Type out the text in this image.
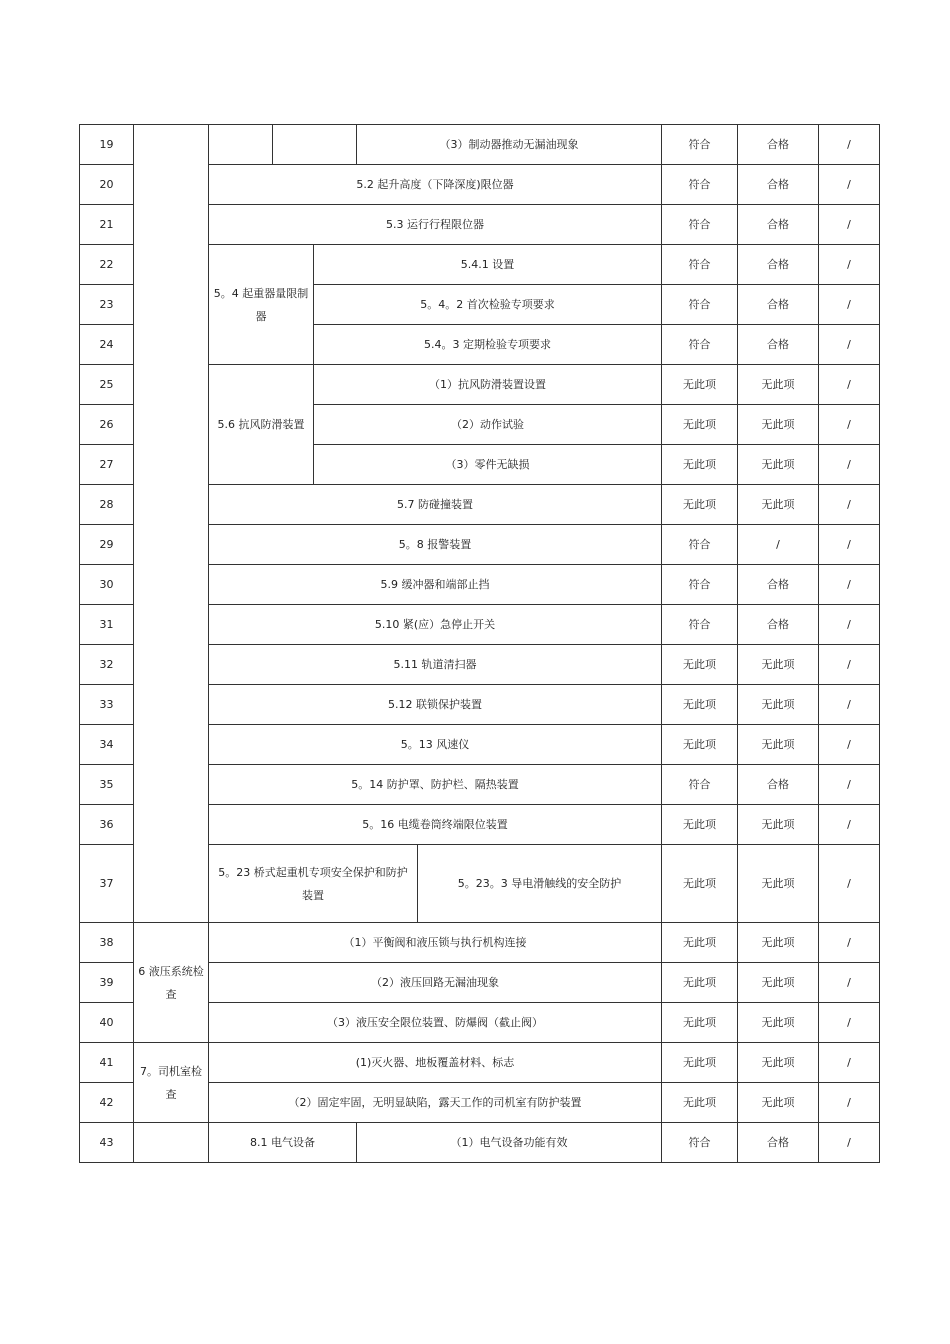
19					（3）制动器推动无漏油现象		符合	合格	/
20		5.2 起升高度（下降深度)限位器					符合	合格	/
21		5.3 运行行程限位器					符合	合格	/
22		5。4 起重器量限制器		5.4.1 设置			符合	合格	/
23				5。4。2 首次检验专项要求			符合	合格	/
24				5.4。3 定期检验专项要求			符合	合格	/
25		5.6 抗风防滑装置		（1）抗风防滑装置设置			无此项	无此项	/
26				（2）动作试验			无此项	无此项	/
27				（3）零件无缺损			无此项	无此项	/
28		5.7 防碰撞装置					无此项	无此项	/
29		5。8 报警装置					符合	/	/
30		5.9 缓冲器和端部止挡					符合	合格	/
31		5.10 紧(应）急停止开关					符合	合格	/
32		5.11 轨道清扫器					无此项	无此项	/
33		5.12 联锁保护装置					无此项	无此项	/
34		5。13 风速仪					无此项	无此项	/
35		5。14 防护罩、防护栏、隔热装置					符合	合格	/
36		5。16 电缆卷筒终端限位装置					无此项	无此项	/
37		5。23 桥式起重机专项安全保护和防护装置				5。23。3 导电滑触线的安全防护	无此项	无此项	/
38	6 液压系统检查	（1）平衡阀和液压锁与执行机构连接					无此项	无此项	/
39		（2）液压回路无漏油现象					无此项	无此项	/
40		（3）液压安全限位装置、防爆阀（截止阀）					无此项	无此项	/
41	7。司机室检查	(1)灭火器、地板覆盖材料、标志					无此项	无此项	/
42		（2）固定牢固，无明显缺陷，露天工作的司机室有防护装置					无此项	无此项	/
43		8.1 电气设备			（1）电气设备功能有效		符合	合格	/
